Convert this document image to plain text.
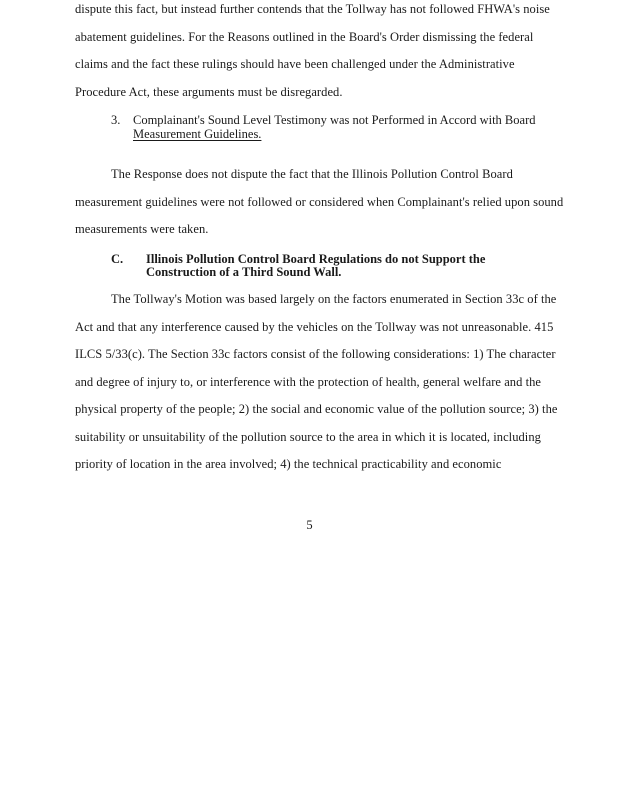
dispute this fact, but instead further contends that the Tollway has not followed FHWA's noise
abatement guidelines. For the Reasons outlined in the Board's Order dismissing the federal
claims and the fact these rulings should have been challenged under the Administrative
Procedure Act, these arguments must be disregarded.
3. Complainant's Sound Level Testimony was not Performed in Accord with Board
Measurement Guidelines.
The Response does not dispute the fact that the Illinois Pollution Control Board
measurement guidelines were not followed or considered when Complainant's relied upon sound
measurements were taken.
C. Illinois Pollution Control Board Regulations do not Support the
Construction of a Third Sound Wall.
The Tollway's Motion was based largely on the factors enumerated in Section 33c of the
Act and that any interference caused by the vehicles on the Tollway was not unreasonable. 415
ILCS 5/33(c). The Section 33c factors consist of the following considerations: 1) The character
and degree of injury to, or interference with the protection of health, general welfare and the
physical property of the people; 2) the social and economic value of the pollution source; 3) the
suitability or unsuitability of the pollution source to the area in which it is located, including
priority of location in the area involved; 4) the technical practicability and economic
5
